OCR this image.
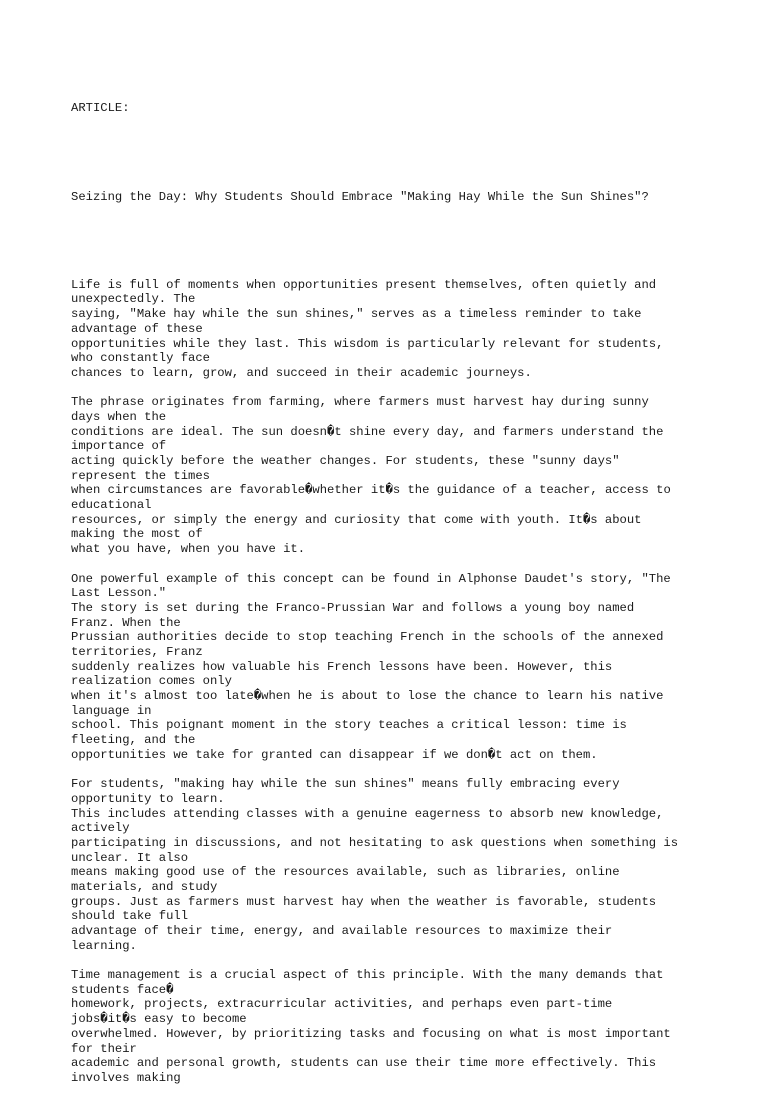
ARTICLE:

Seizing the Day: Why Students Should Embrace "Making Hay While the Sun Shines"?

Life is full of moments when opportunities present themselves, often quietly and
unexpectedly. The
saying, "Make hay while the sun shines," serves as a timeless reminder to take
advantage of these
opportunities while they last. This wisdom is particularly relevant for students,
who constantly face
chances to learn, grow, and succeed in their academic journeys.
The phrase originates from farming, where farmers must harvest hay during sunny
days when the
conditions are ideal. The sun doesn�t shine every day, and farmers understand the
importance of
acting quickly before the weather changes. For students, these "sunny days"
represent the times
when circumstances are favorable�whether it�s the guidance of a teacher, access to
educational
resources, or simply the energy and curiosity that come with youth. It�s about
making the most of
what you have, when you have it.
One powerful example of this concept can be found in Alphonse Daudet's story, "The
Last Lesson."
The story is set during the Franco-Prussian War and follows a young boy named
Franz. When the
Prussian authorities decide to stop teaching French in the schools of the annexed
territories, Franz
suddenly realizes how valuable his French lessons have been. However, this
realization comes only
when it's almost too late�when he is about to lose the chance to learn his native
language in
school. This poignant moment in the story teaches a critical lesson: time is
fleeting, and the
opportunities we take for granted can disappear if we don�t act on them.
For students, "making hay while the sun shines" means fully embracing every
opportunity to learn.
This includes attending classes with a genuine eagerness to absorb new knowledge,
actively
participating in discussions, and not hesitating to ask questions when something is
unclear. It also
means making good use of the resources available, such as libraries, online
materials, and study
groups. Just as farmers must harvest hay when the weather is favorable, students
should take full
advantage of their time, energy, and available resources to maximize their
learning.
Time management is a crucial aspect of this principle. With the many demands that
students face�
homework, projects, extracurricular activities, and perhaps even part-time
jobs�it�s easy to become
overwhelmed. However, by prioritizing tasks and focusing on what is most important
for their
academic and personal growth, students can use their time more effectively. This
involves making
